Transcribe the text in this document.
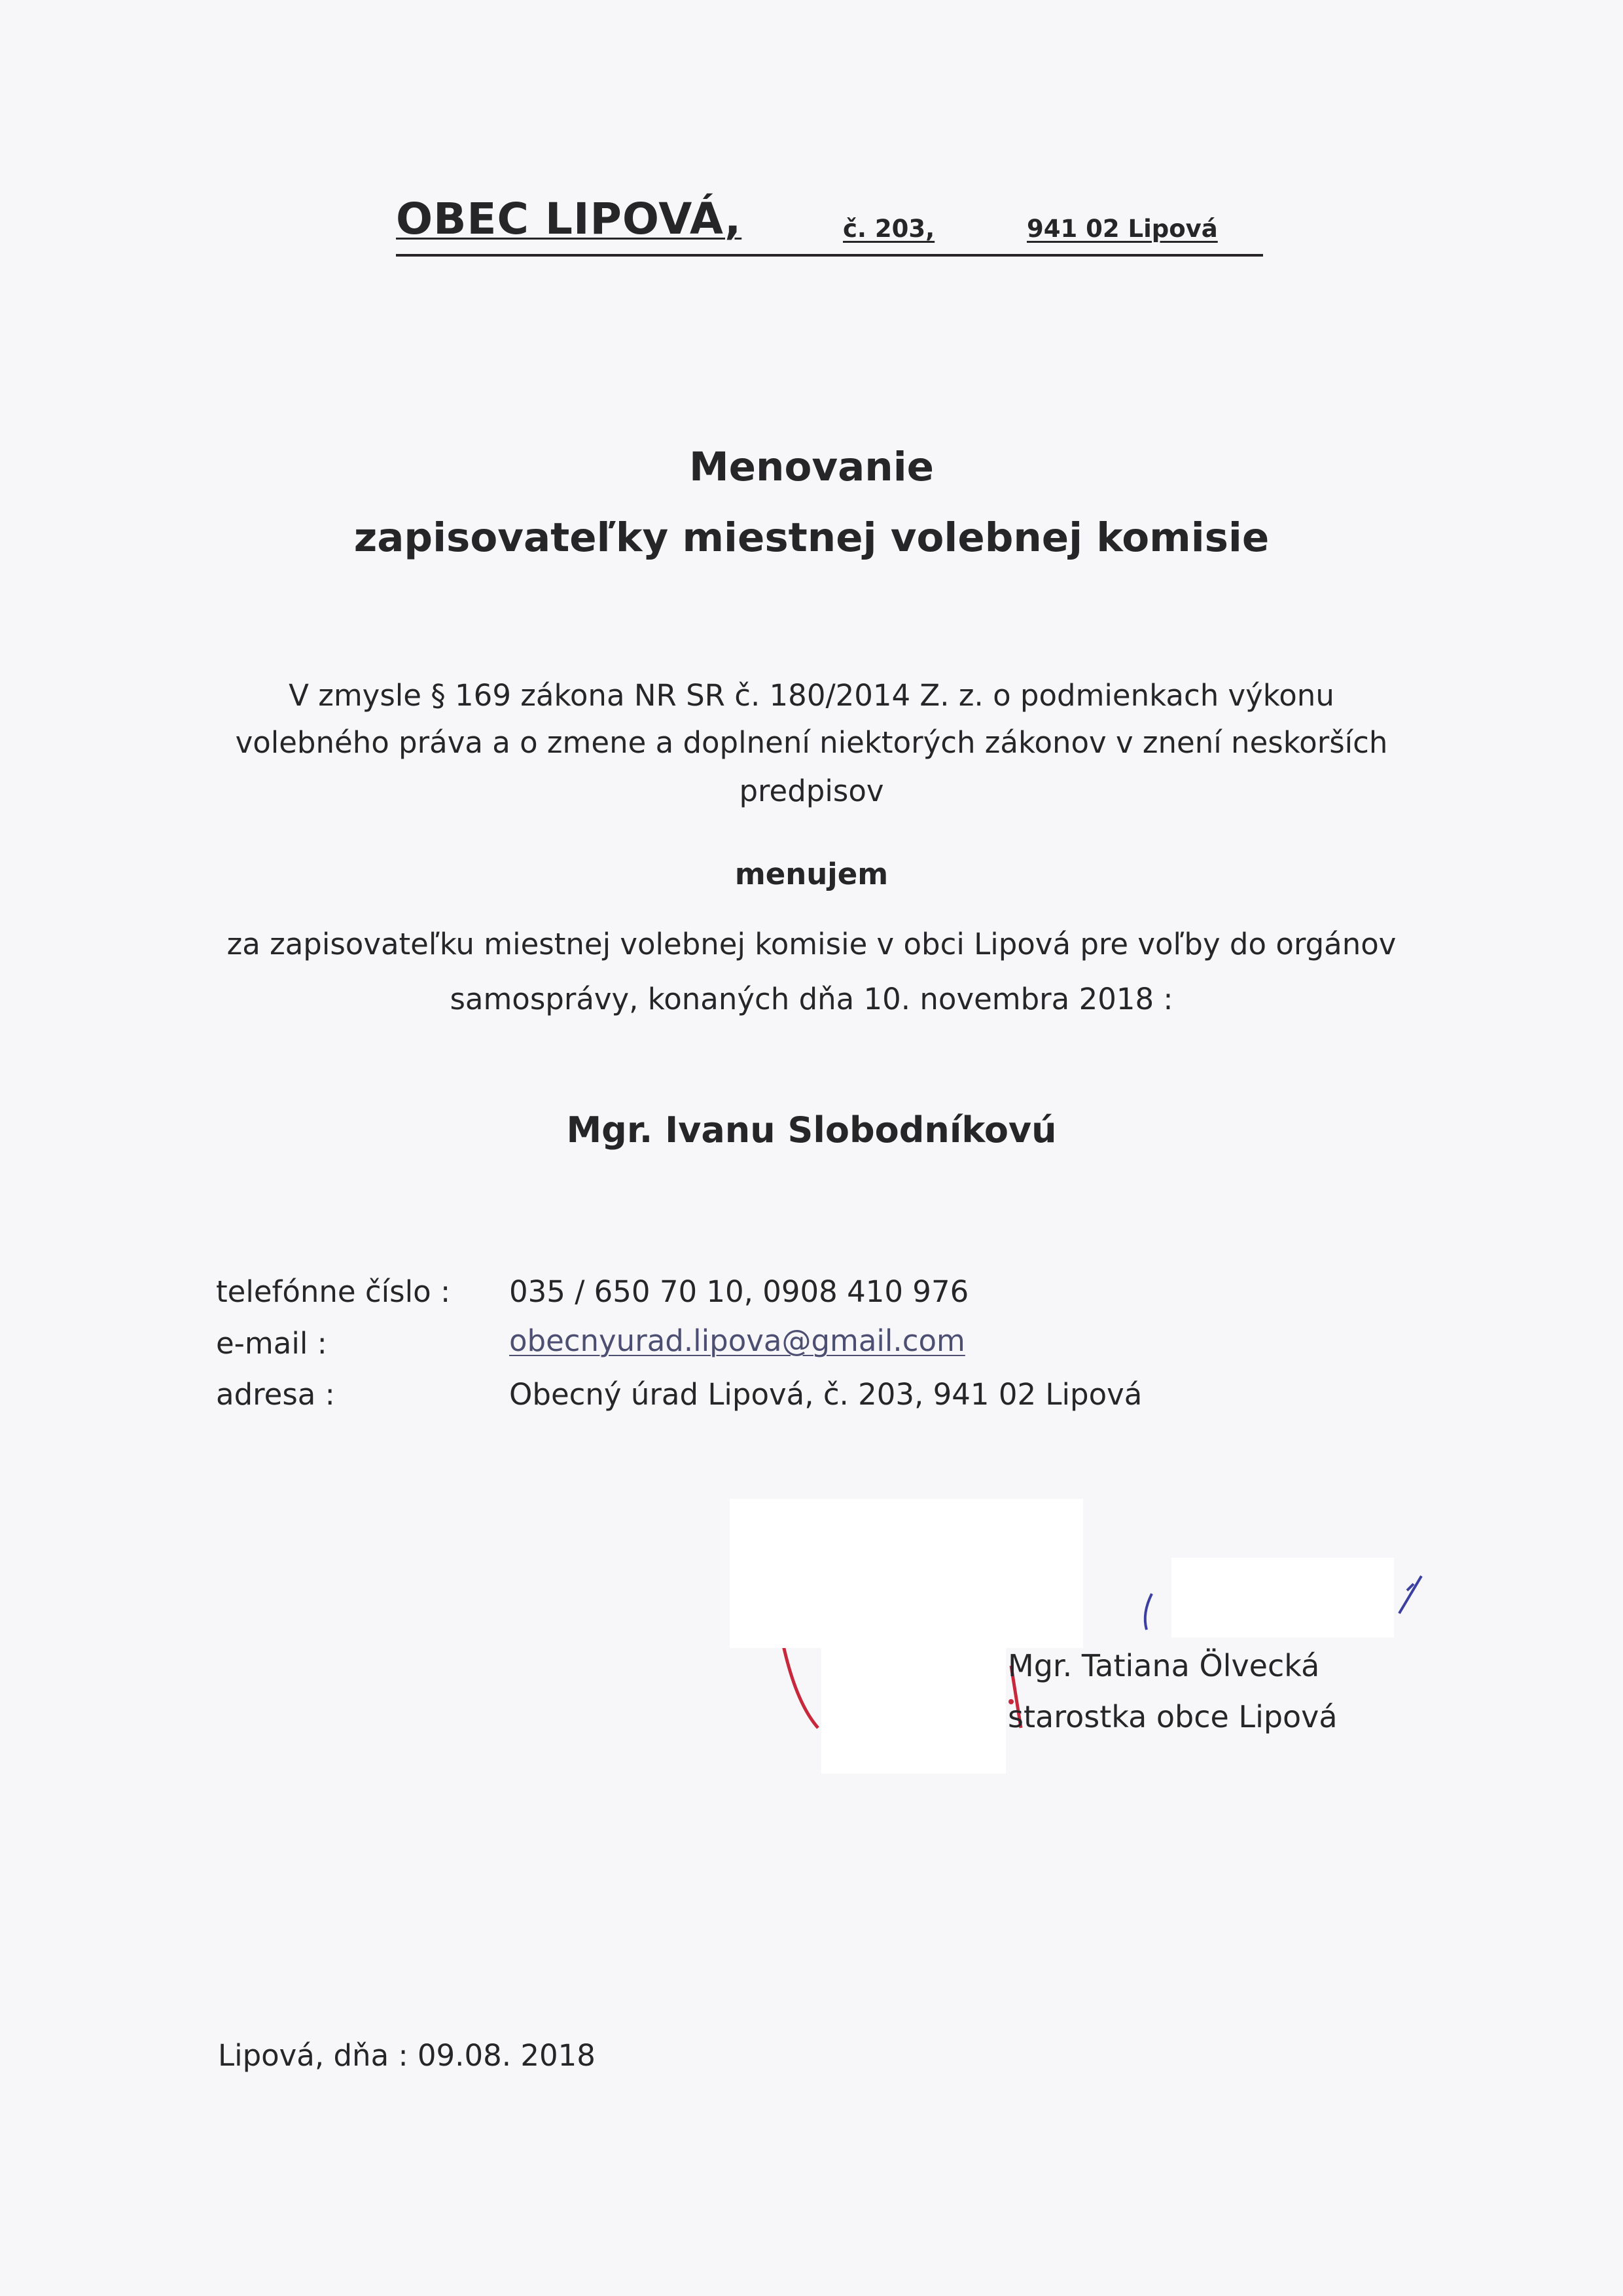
OBEC LIPOVÁ,	č. 203,	941 02 Lipová
Menovanie
zapisovateľky miestnej volebnej komisie
V zmysle § 169 zákona NR SR č. 180/2014 Z. z. o podmienkach výkonu
volebného práva a o zmene a doplnení niektorých zákonov v znení neskorších
predpisov
menujem
za zapisovateľku miestnej volebnej komisie v obci Lipová pre voľby do orgánov
samosprávy, konaných dňa 10. novembra 2018 :
Mgr. Ivanu Slobodníkovú
telefónne číslo : 035 / 650 70 10, 0908 410 976
e-mail :	obecnyurad.lipova@gmail.com
adresa :	Obecný úrad Lipová, č. 203, 941 02 Lipová
Mgr. Tatiana Ölvecká
starostka obce Lipová
Lipová, dňa : 09.08. 2018
